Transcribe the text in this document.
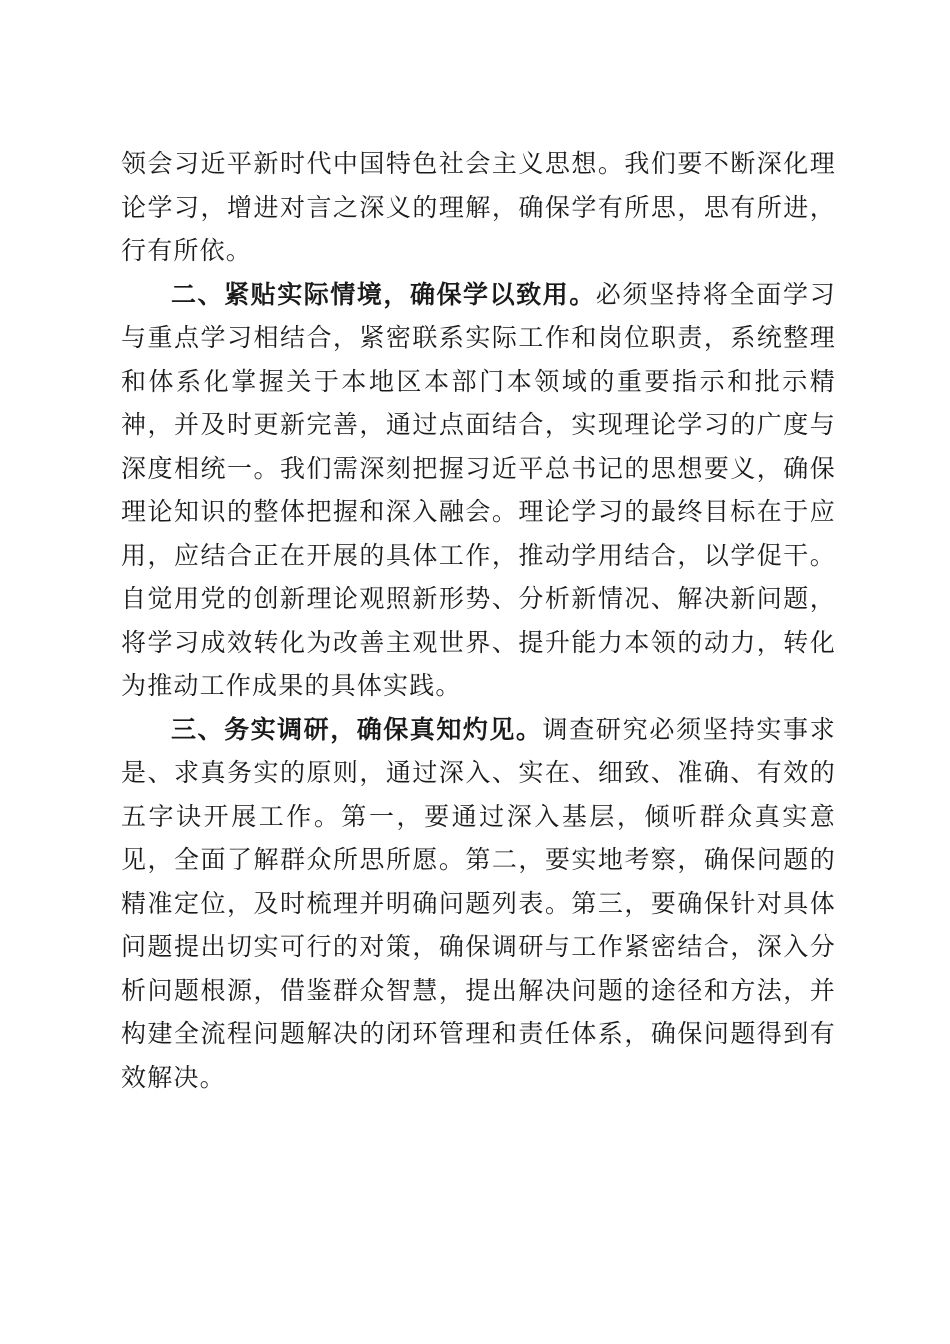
领会习近平新时代中国特色社会主义思想。我们要不断深化理论学习，增进对言之深义的理解，确保学有所思，思有所进，行有所依。

二、紧贴实际情境，确保学以致用。必须坚持将全面学习与重点学习相结合，紧密联系实际工作和岗位职责，系统整理和体系化掌握关于本地区本部门本领域的重要指示和批示精神，并及时更新完善，通过点面结合，实现理论学习的广度与深度相统一。我们需深刻把握习近平总书记的思想要义，确保理论知识的整体把握和深入融会。理论学习的最终目标在于应用，应结合正在开展的具体工作，推动学用结合，以学促干。自觉用党的创新理论观照新形势、分析新情况、解决新问题，将学习成效转化为改善主观世界、提升能力本领的动力，转化为推动工作成果的具体实践。

三、务实调研，确保真知灼见。调查研究必须坚持实事求是、求真务实的原则，通过深入、实在、细致、准确、有效的五字诀开展工作。第一，要通过深入基层，倾听群众真实意见，全面了解群众所思所愿。第二，要实地考察，确保问题的精准定位，及时梳理并明确问题列表。第三，要确保针对具体问题提出切实可行的对策，确保调研与工作紧密结合，深入分析问题根源，借鉴群众智慧，提出解决问题的途径和方法，并构建全流程问题解决的闭环管理和责任体系，确保问题得到有效解决。
